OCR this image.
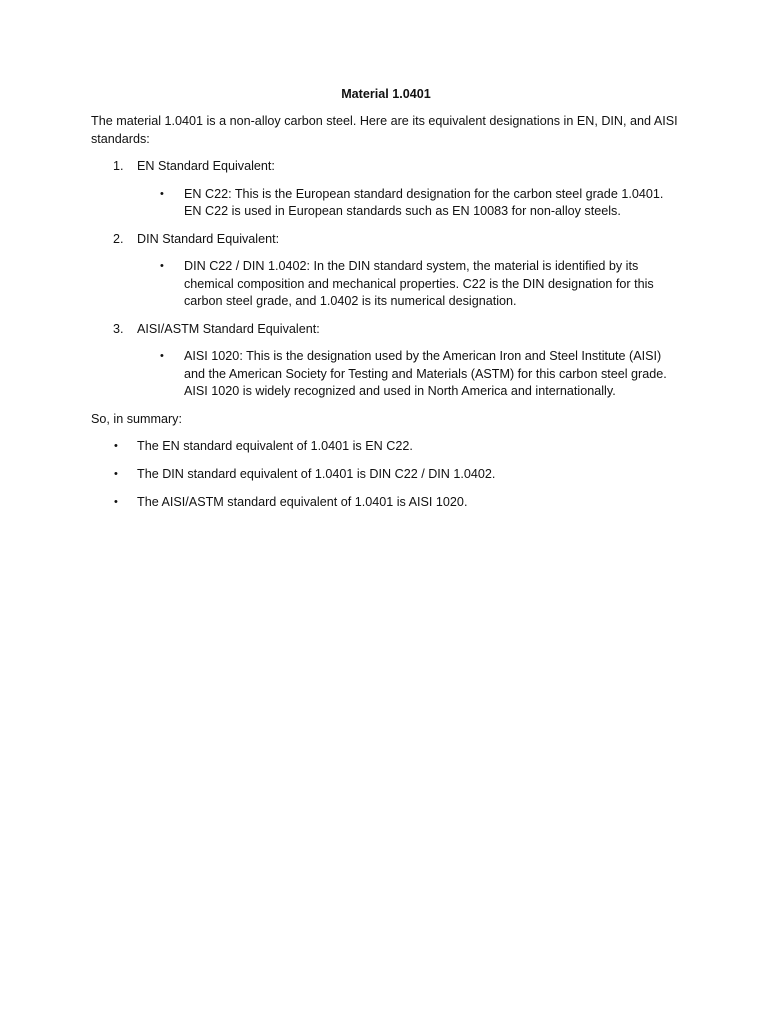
Material 1.0401
The material 1.0401 is a non-alloy carbon steel. Here are its equivalent designations in EN, DIN, and AISI standards:
1. EN Standard Equivalent:
• EN C22: This is the European standard designation for the carbon steel grade 1.0401. EN C22 is used in European standards such as EN 10083 for non-alloy steels.
2. DIN Standard Equivalent:
• DIN C22 / DIN 1.0402: In the DIN standard system, the material is identified by its chemical composition and mechanical properties. C22 is the DIN designation for this carbon steel grade, and 1.0402 is its numerical designation.
3. AISI/ASTM Standard Equivalent:
• AISI 1020: This is the designation used by the American Iron and Steel Institute (AISI) and the American Society for Testing and Materials (ASTM) for this carbon steel grade. AISI 1020 is widely recognized and used in North America and internationally.
So, in summary:
• The EN standard equivalent of 1.0401 is EN C22.
• The DIN standard equivalent of 1.0401 is DIN C22 / DIN 1.0402.
• The AISI/ASTM standard equivalent of 1.0401 is AISI 1020.
